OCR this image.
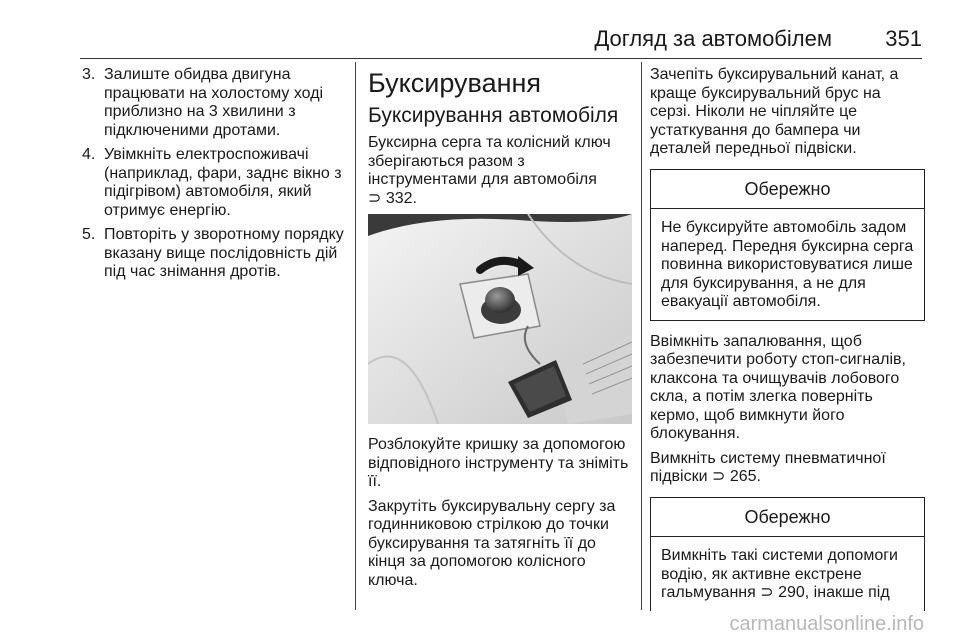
Догляд за автомобілем 351
3. Залиште обидва двигуна працювати на холостому ході приблизно на 3 хвилини з підключеними дротами.
4. Увімкніть електроспоживачі (наприклад, фари, заднє вікно з підігрівом) автомобіля, який отримує енергію.
5. Повторіть у зворотному порядку вказану вище послідовність дій під час знімання дротів.
Буксирування
Буксирування автомобіля

Буксирна серга та колісний ключ зберігаються разом з інструментами для автомобіля
⊃ 332.

Розблокуйте кришку за допомогою відповідного інструменту та зніміть її.

Закрутіть буксирувальну сергу за годинниковою стрілкою до точки буксирування та затягніть її до кінця за допомогою колісного ключа.

Зачепіть буксирувальний канат, а краще буксирувальний брус на серзі. Ніколи не чіпляйте це устаткування до бампера чи деталей передньої підвіски.

Обережно
Не буксируйте автомобіль задом наперед. Передня буксирна серга повинна використовуватися лише для буксирування, а не для евакуації автомобіля.

Ввімкніть запалювання, щоб забезпечити роботу стоп-сигналів, клаксона та очищувачів лобового скла, а потім злегка поверніть кермо, щоб вимкнути його блокування.

Вимкніть систему пневматичної підвіски ⊃ 265.

Обережно
Вимкніть такі системи допомоги водію, як активне екстрене гальмування ⊃ 290, інакше під
carmanualsonline.info
